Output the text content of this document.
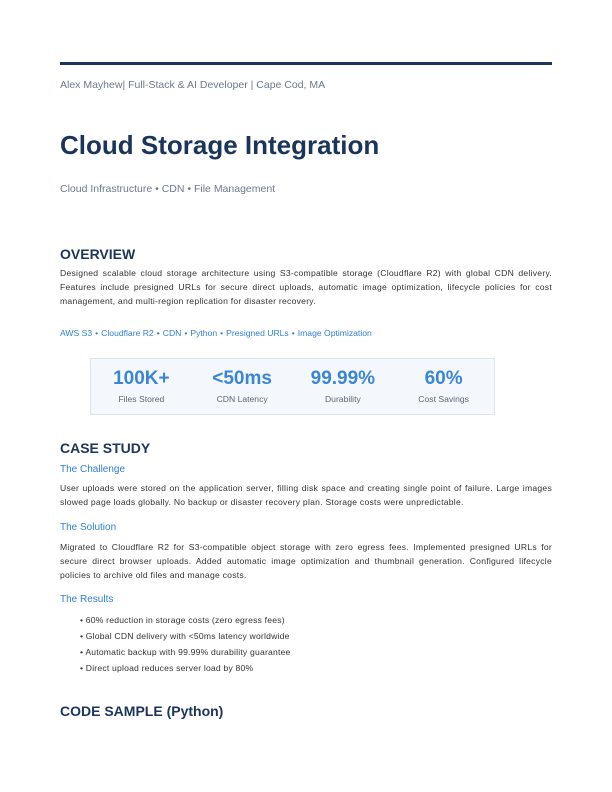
Alex Mayhew| Full-Stack & AI Developer | Cape Cod, MA
Cloud Storage Integration
Cloud Infrastructure • CDN • File Management
OVERVIEW
Designed scalable cloud storage architecture using S3-compatible storage (Cloudflare R2) with global CDN delivery. Features include presigned URLs for secure direct uploads, automatic image optimization, lifecycle policies for cost management, and multi-region replication for disaster recovery.
AWS S3 • Cloudflare R2 • CDN • Python • Presigned URLs • Image Optimization
100K+
Files Stored
<50ms
CDN Latency
99.99%
Durability
60%
Cost Savings
CASE STUDY
The Challenge
User uploads were stored on the application server, filling disk space and creating single point of failure. Large images slowed page loads globally. No backup or disaster recovery plan. Storage costs were unpredictable.
The Solution
Migrated to Cloudflare R2 for S3-compatible object storage with zero egress fees. Implemented presigned URLs for secure direct browser uploads. Added automatic image optimization and thumbnail generation. Configured lifecycle policies to archive old files and manage costs.
The Results
• 60% reduction in storage costs (zero egress fees)
• Global CDN delivery with <50ms latency worldwide
• Automatic backup with 99.99% durability guarantee
• Direct upload reduces server load by 80%
CODE SAMPLE (Python)
